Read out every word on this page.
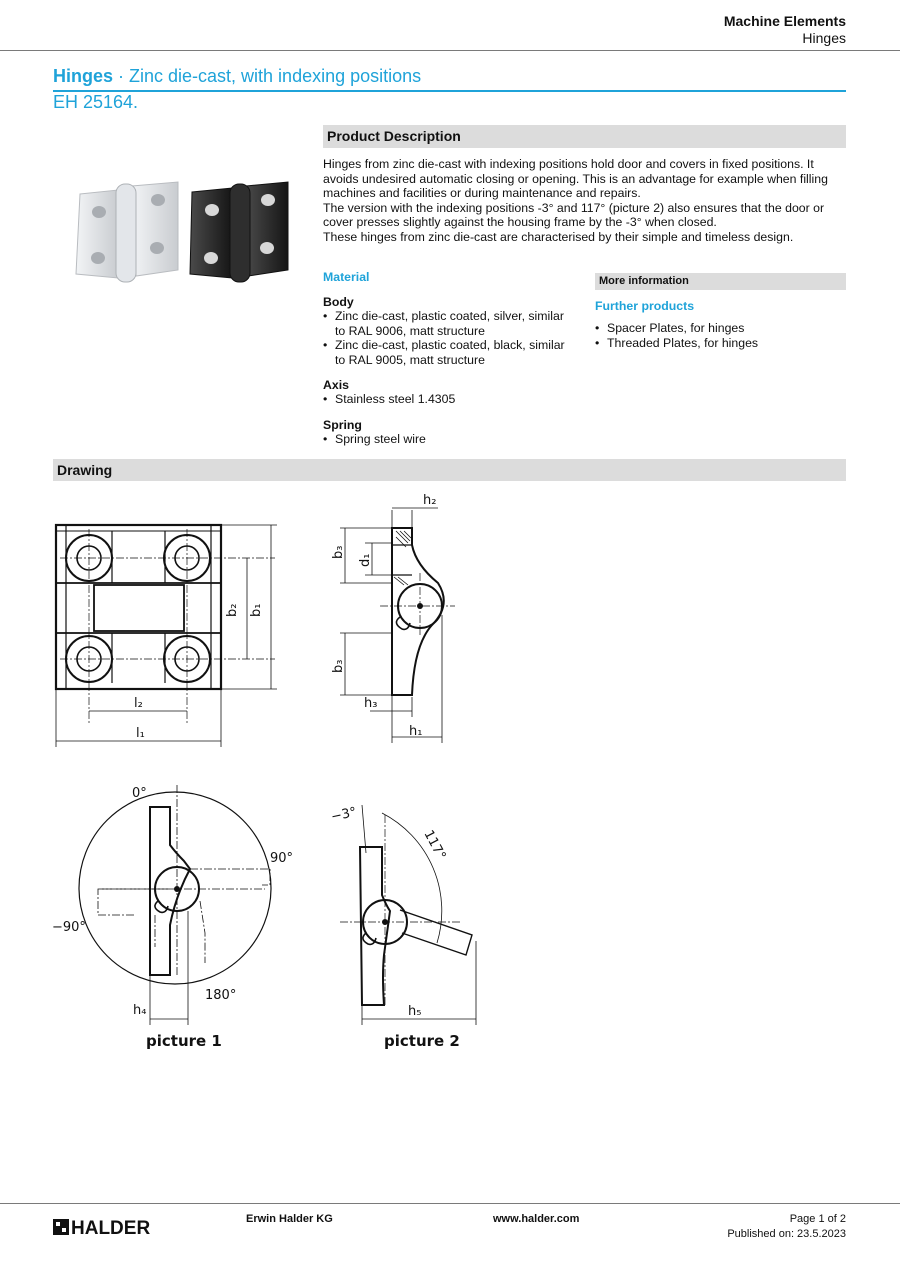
Machine Elements
Hinges
Hinges · Zinc die-cast, with indexing positions
EH 25164.
Product Description

Hinges from zinc die-cast with indexing positions hold door and covers in fixed positions. It avoids undesired automatic closing or opening. This is an advantage for example when filling machines and facilities or during maintenance and repairs.

The version with the indexing positions -3° and 117° (picture 2) also ensures that the door or cover presses slightly against the housing frame by the -3° when closed.

These hinges from zinc die-cast are characterised by their simple and timeless design.

Material
Body
• Zinc die-cast, plastic coated, silver, similar to RAL 9006, matt structure
• Zinc die-cast, plastic coated, black, similar to RAL 9005, matt structure
Axis
• Stainless steel 1.4305
Spring
• Spring steel wire
More information
Further products
• Spacer Plates, for hinges
• Threaded Plates, for hinges
Drawing
b₁
b₂
b₃
b₃
d₁
l₂
l₁
h₂
h₃
h₁
h₄	h₅
0°
90°
−90°
180°
−3°
117°
picture 1	picture 2
HALDER	Erwin Halder KG	www.halder.com	Page 1 of 2
Published on: 23.5.2023
